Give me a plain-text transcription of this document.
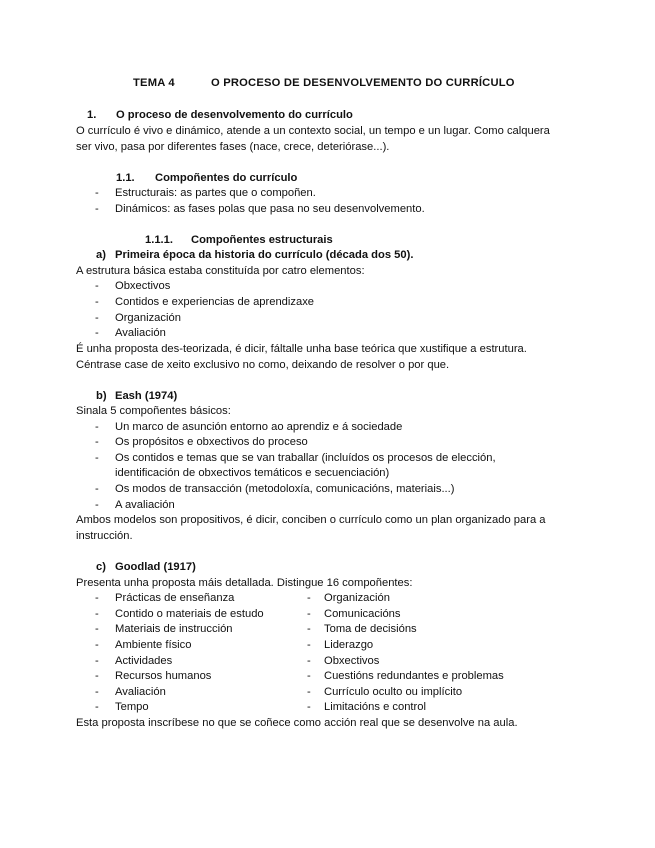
TEMA 4	O PROCESO DE DESENVOLVEMENTO DO CURRÍCULO
1. O proceso de desenvolvemento do currículo
O currículo é vivo e dinámico, atende a un contexto social, un tempo e un lugar. Como calquera
ser vivo, pasa por diferentes fases (nace, crece, deteriórase...).
1.1. Compoñentes do currículo
- Estructurais: as partes que o compoñen.
- Dinámicos: as fases polas que pasa no seu desenvolvemento.
1.1.1. Compoñentes estructurais
a) Primeira época da historia do currículo (década dos 50).
A estrutura básica estaba constituída por catro elementos:
- Obxectivos
- Contidos e experiencias de aprendizaxe
- Organización
- Avaliación
É unha proposta des-teorizada, é dicir, fáltalle unha base teórica que xustifique a estrutura.
Céntrase case de xeito exclusivo no como, deixando de resolver o por que.
b) Eash (1974)
Sinala 5 compoñentes básicos:
- Un marco de asunción entorno ao aprendiz e á sociedade
- Os propósitos e obxectivos do proceso
- Os contidos e temas que se van traballar (incluídos os procesos de elección,
identificación de obxectivos temáticos e secuenciación)
- Os modos de transacción (metodoloxía, comunicacións, materiais...)
- A avaliación
Ambos modelos son propositivos, é dicir, conciben o currículo como un plan organizado para a
instrucción.
c) Goodlad (1917)
Presenta unha proposta máis detallada. Distingue 16 compoñentes:
- Prácticas de enseñanza	- Organización
- Contido o materiais de estudo	- Comunicacións
- Materiais de instrucción	- Toma de decisións
- Ambiente físico	- Liderazgo
- Actividades	- Obxectivos
- Recursos humanos	- Cuestións redundantes e problemas
- Avaliación	- Currículo oculto ou implícito
- Tempo	- Limitacións e control
Esta proposta inscríbese no que se coñece como acción real que se desenvolve na aula.
